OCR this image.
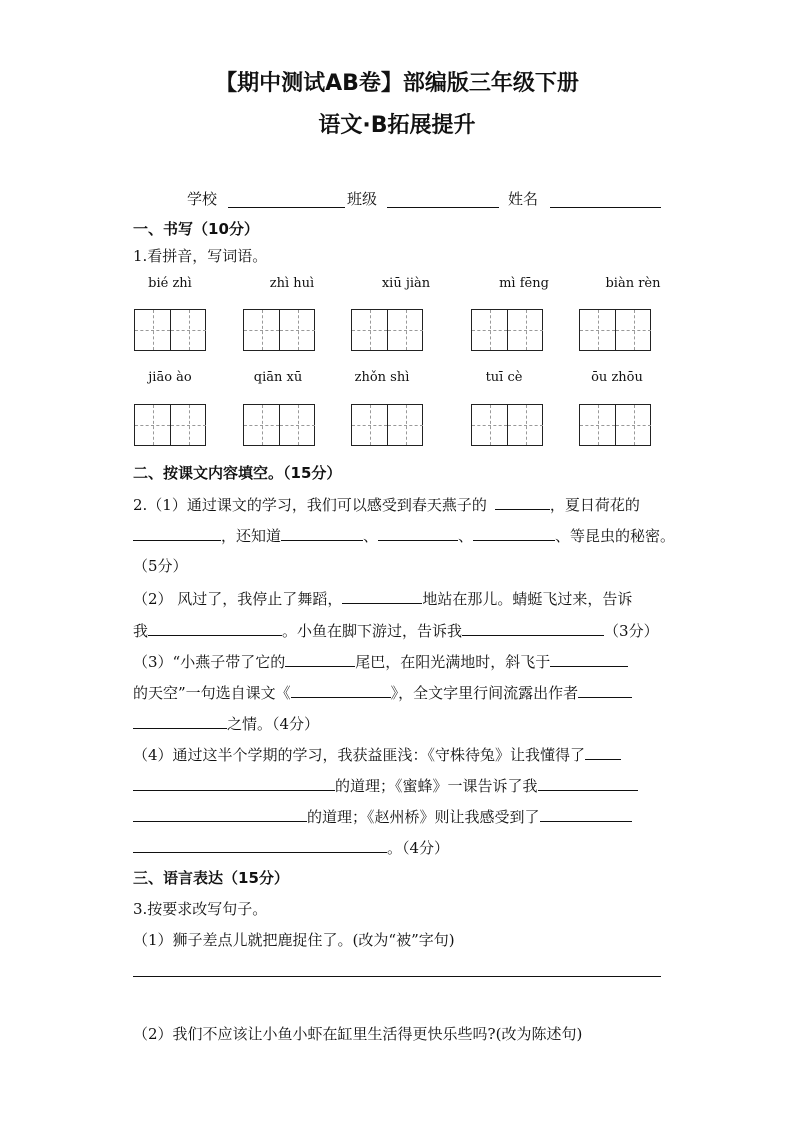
【期中测试AB卷】部编版三年级下册
语文·B拓展提升
学校	班级	姓名
一、书写（10分）
1.看拼音，写词语。
bié zhì	zhì huì	xiū jiàn	mì fēng	biàn rèn
jiāo ào	qiān xū	zhǒn shì	tuī cè	ōu zhōu
二、按课文内容填空。（15分）
2.（1）通过课文的学习，我们可以感受到春天燕子的	，夏日荷花的
，还知道	、	、	、等昆虫的秘密。
（5分）
（2） 风过了，我停止了舞蹈，	地站在那儿。蜻蜓飞过来，告诉
我	。小鱼在脚下游过，告诉我	（3分）
（3）“小燕子带了它的	尾巴，在阳光满地时，斜飞于
的天空”一句选自课文《	》，全文字里行间流露出作者
之情。（4分）
（4）通过这半个学期的学习，我获益匪浅：《守株待兔》让我懂得了
的道理；《蜜蜂》一课告诉了我
的道理；《赵州桥》则让我感受到了
。（4分）
三、语言表达（15分）
3.按要求改写句子。
（1）狮子差点儿就把鹿捉住了。(改为“被”字句)
（2）我们不应该让小鱼小虾在缸里生活得更快乐些吗?(改为陈述句)
